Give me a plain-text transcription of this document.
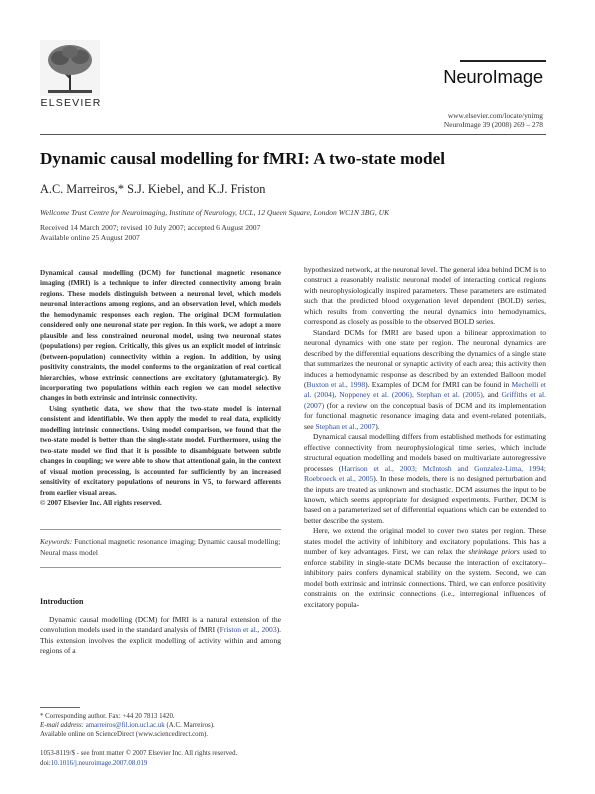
ELSEVIER
NeuroImage
www.elsevier.com/locate/ynimg
NeuroImage 39 (2008) 269 – 278
Dynamic causal modelling for fMRI: A two-state model
A.C. Marreiros,* S.J. Kiebel, and K.J. Friston
Wellcome Trust Centre for Neuroimaging, Institute of Neurology, UCL, 12 Queen Square, London WC1N 3BG, UK
Received 14 March 2007; revised 10 July 2007; accepted 6 August 2007
Available online 25 August 2007

Dynamical causal modelling (DCM) for functional magnetic resonance imaging (fMRI) is a technique to infer directed connectivity among brain regions. These models distinguish between a neuronal level, which models neuronal interactions among regions, and an observation level, which models the hemodynamic responses each region. The original DCM formulation considered only one neuronal state per region. In this work, we adopt a more plausible and less constrained neuronal model, using two neuronal states (populations) per region. Critically, this gives us an explicit model of intrinsic (between-population) connectivity within a region. In addition, by using positivity constraints, the model conforms to the organization of real cortical hierarchies, whose extrinsic connections are excitatory (glutamatergic). By incorporating two populations within each region we can model selective changes in both extrinsic and intrinsic connectivity.

Using synthetic data, we show that the two-state model is internal consistent and identifiable. We then apply the model to real data, explicitly modelling intrinsic connections. Using model comparison, we found that the two-state model is better than the single-state model. Furthermore, using the two-state model we find that it is possible to disambiguate between subtle changes in coupling; we were able to show that attentional gain, in the context of visual motion processing, is accounted for sufficiently by an increased sensitivity of excitatory populations of neurons in V5, to forward afferents from earlier visual areas.

© 2007 Elsevier Inc. All rights reserved.

Keywords: Functional magnetic resonance imaging; Dynamic causal modelling; Neural mass model
Introduction

Dynamic causal modelling (DCM) for fMRI is a natural extension of the convolution models used in the standard analysis of fMRI (Friston et al., 2003). This extension involves the explicit modelling of activity within and among regions of a

* Corresponding author. Fax: +44 20 7813 1420.

E-mail address: amarreiros@fil.ion.ucl.ac.uk (A.C. Marreiros).

Available online on ScienceDirect (www.sciencedirect.com).

1053-8119/$ - see front matter © 2007 Elsevier Inc. All rights reserved.

doi:10.1016/j.neuroimage.2007.08.019

hypothesized network, at the neuronal level. The general idea behind DCM is to construct a reasonably realistic neuronal model of interacting cortical regions with neurophysiologically inspired parameters. These parameters are estimated such that the predicted blood oxygenation level dependent (BOLD) series, which results from converting the neural dynamics into hemodynamics, correspond as closely as possible to the observed BOLD series.

Standard DCMs for fMRI are based upon a bilinear approximation to neuronal dynamics with one state per region. The neuronal dynamics are described by the differential equations describing the dynamics of a single state that summarizes the neuronal or synaptic activity of each area; this activity then induces a hemodynamic response as described by an extended Balloon model (Buxton et al., 1998). Examples of DCM for fMRI can be found in Mechelli et al. (2004), Noppeney et al. (2006), Stephan et al. (2005), and Griffiths et al. (2007) (for a review on the conceptual basis of DCM and its implementation for functional magnetic resonance imaging data and event-related potentials, see Stephan et al., 2007).

Dynamical causal modelling differs from established methods for estimating effective connectivity from neurophysiological time series, which include structural equation modelling and models based on multivariate autoregressive processes (Harrison et al., 2003; McIntosh and Gonzalez-Lima, 1994; Roebroeck et al., 2005). In these models, there is no designed perturbation and the inputs are treated as unknown and stochastic. DCM assumes the input to be known, which seems appropriate for designed experiments. Further, DCM is based on a parameterized set of differential equations which can be extended to better describe the system.

Here, we extend the original model to cover two states per region. These states model the activity of inhibitory and excitatory populations. This has a number of key advantages. First, we can relax the shrinkage priors used to enforce stability in single-state DCMs because the interaction of excitatory–inhibitory pairs confers dynamical stability on the system. Second, we can model both extrinsic and intrinsic connections. Third, we can enforce positivity constraints on the extrinsic connections (i.e., interregional influences of excitatory popula-
